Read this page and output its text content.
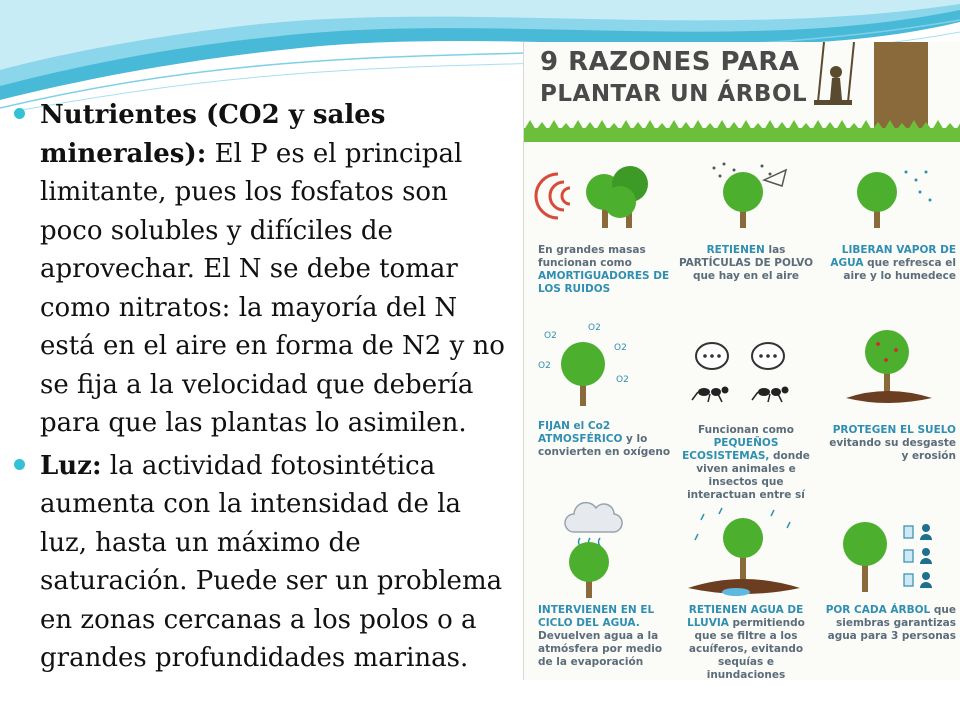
Nutrientes (CO2 y sales minerales): El P es el principal limitante, pues los fosfatos son poco solubles y difíciles de aprovechar. El N se debe tomar como nitratos: la mayoría del N está en el aire en forma de N2 y no se fija a la velocidad que debería para que las plantas lo asimilen.
Luz: la actividad fotosintética aumenta con la intensidad de la luz, hasta un máximo de saturación. Puede ser un problema en zonas cercanas a los polos o a grandes profundidades marinas.
9 RAZONES PARA
PLANTAR UN ÁRBOL
En grandes masas funcionan como AMORTIGUADORES DE LOS RUIDOS
RETIENEN las PARTÍCULAS DE POLVO que hay en el aire
LIBERAN VAPOR DE AGUA que refresca el aire y lo humedece
O2
O2
O2
O2
O2
FIJAN el Co2 ATMOSFÉRICO y lo convierten en oxígeno
Funcionan como PEQUEÑOS ECOSISTEMAS, donde viven animales e insectos que interactuan entre sí
PROTEGEN EL SUELO evitando su desgaste y erosión
INTERVIENEN EN EL CICLO DEL AGUA. Devuelven agua a la atmósfera por medio de la evaporación
RETIENEN AGUA DE LLUVIA permitiendo que se filtre a los acuíferos, evitando sequías e inundaciones
POR CADA ÁRBOL que siembras garantizas agua para 3 personas
